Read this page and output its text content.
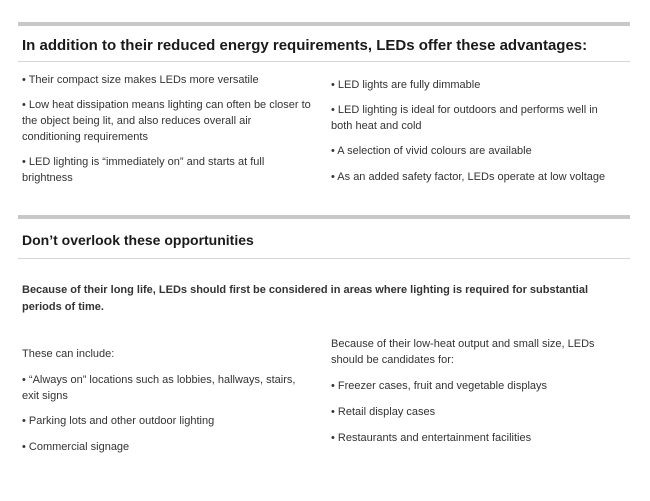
In addition to their reduced energy requirements, LEDs offer these advantages:

• Their compact size makes LEDs more versatile

• Low heat dissipation means lighting can often be closer to the object being lit, and also reduces overall air conditioning requirements

• LED lighting is “immediately on” and starts at full brightness

• LED lights are fully dimmable

• LED lighting is ideal for outdoors and performs well in both heat and cold

• A selection of vivid colours are available

• As an added safety factor, LEDs operate at low voltage

Don’t overlook these opportunities

Because of their long life, LEDs should first be considered in areas where lighting is required for substantial periods of time.

These can include:

• “Always on” locations such as lobbies, hallways, stairs, exit signs

• Parking lots and other outdoor lighting

• Commercial signage

Because of their low-heat output and small size, LEDs should be candidates for:

• Freezer cases, fruit and vegetable displays

• Retail display cases

• Restaurants and entertainment facilities
